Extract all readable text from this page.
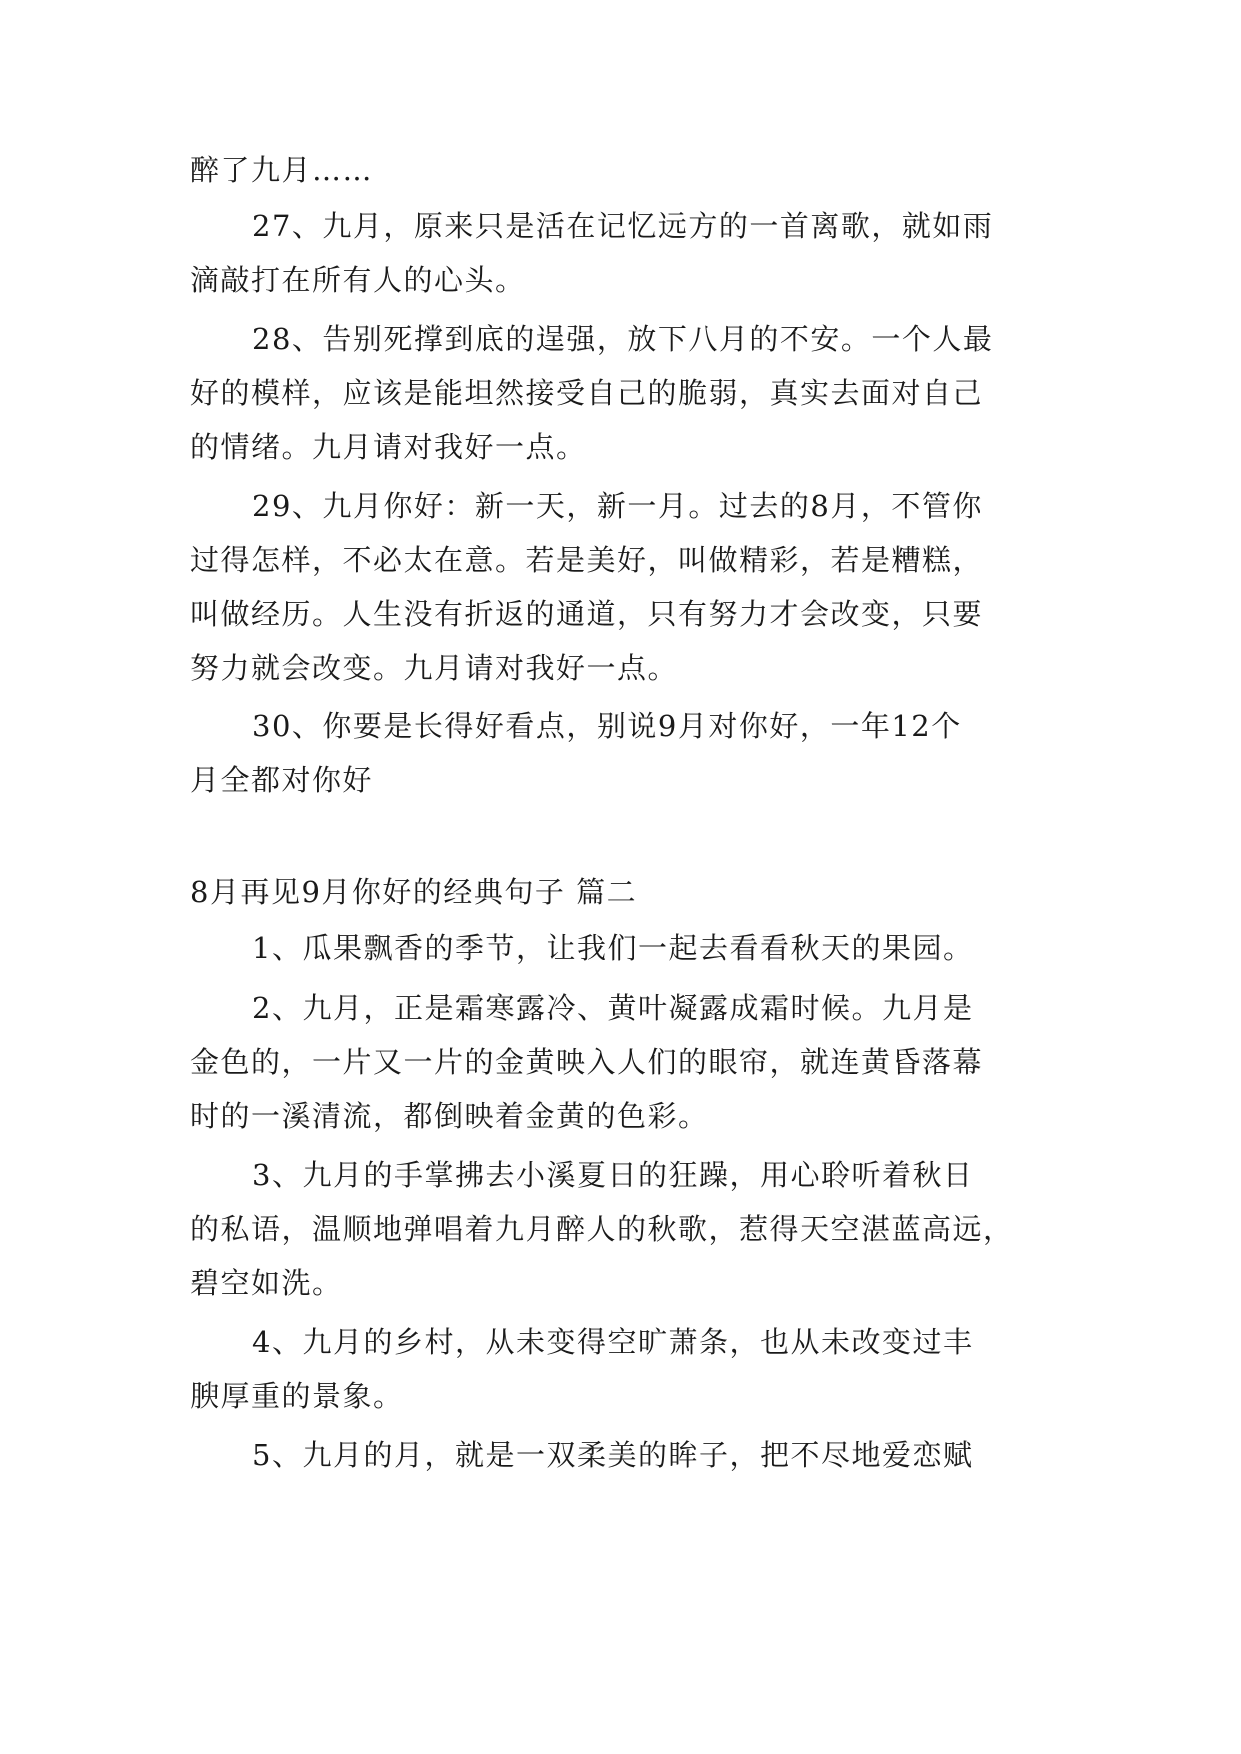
醉了九月……
27、九月，原来只是活在记忆远方的一首离歌，就如雨
滴敲打在所有人的心头。
28、告别死撑到底的逞强，放下八月的不安。一个人最
好的模样，应该是能坦然接受自己的脆弱，真实去面对自己
的情绪。九月请对我好一点。
29、九月你好：新一天，新一月。过去的8月，不管你
过得怎样，不必太在意。若是美好，叫做精彩，若是糟糕，
叫做经历。人生没有折返的通道，只有努力才会改变，只要
努力就会改变。九月请对我好一点。
30、你要是长得好看点，别说9月对你好，一年12个
月全都对你好
8月再见9月你好的经典句子 篇二
1、瓜果飘香的季节，让我们一起去看看秋天的果园。
2、九月，正是霜寒露冷、黄叶凝露成霜时候。九月是
金色的，一片又一片的金黄映入人们的眼帘，就连黄昏落幕
时的一溪清流，都倒映着金黄的色彩。
3、九月的手掌拂去小溪夏日的狂躁，用心聆听着秋日
的私语，温顺地弹唱着九月醉人的秋歌，惹得天空湛蓝高远，
碧空如洗。
4、九月的乡村，从未变得空旷萧条，也从未改变过丰
腴厚重的景象。
5、九月的月，就是一双柔美的眸子，把不尽地爱恋赋
